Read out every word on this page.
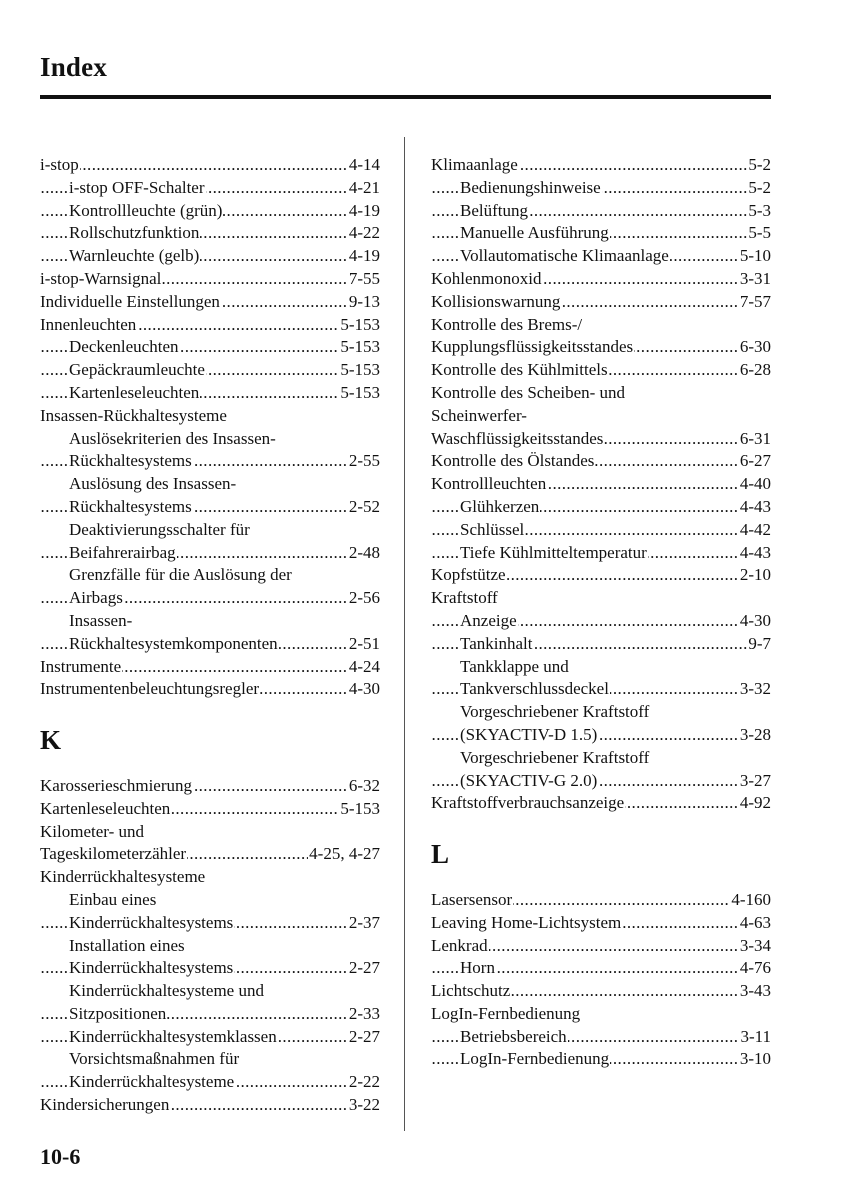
Index
..... i-stop	4-14
..... i-stop OFF-Schalter	4-21
..... Kontrollleuchte (grün)	4-19
..... Rollschutzfunktion	4-22
..... Warnleuchte (gelb)	4-19
..... i-stop-Warnsignal	7-55
..... Individuelle Einstellungen	9-13
..... Innenleuchten	5-153
..... Deckenleuchten	5-153
..... Gepäckraumleuchte	5-153
..... Kartenleseleuchten	5-153
Insassen-Rückhaltesysteme
Auslösekriterien des Insassen-
..... Rückhaltesystems	2-55
Auslösung des Insassen-
..... Rückhaltesystems	2-52
Deaktivierungsschalter für
..... Beifahrerairbag	2-48
Grenzfälle für die Auslösung der
..... Airbags	2-56
Insassen-
..... Rückhaltesystemkomponenten	2-51
..... Instrumente	4-24
..... Instrumentenbeleuchtungsregler	4-30
K
..... Karosserieschmierung	6-32
..... Kartenleseleuchten	5-153
Kilometer- und
..... Tageskilometerzähler	4-25, 4-27
Kinderrückhaltesysteme
Einbau eines
..... Kinderrückhaltesystems	2-37
Installation eines
..... Kinderrückhaltesystems	2-27
Kinderrückhaltesysteme und
..... Sitzpositionen	2-33
..... Kinderrückhaltesystemklassen	2-27
Vorsichtsmaßnahmen für
..... Kinderrückhaltesysteme	2-22
..... Kindersicherungen	3-22
..... Klimaanlage	5-2
..... Bedienungshinweise	5-2
..... Belüftung	5-3
..... Manuelle Ausführung	5-5
..... Vollautomatische Klimaanlage	5-10
..... Kohlenmonoxid	3-31
..... Kollisionswarnung	7-57
Kontrolle des Brems-/
..... Kupplungsflüssigkeitsstandes	6-30
..... Kontrolle des Kühlmittels	6-28
Kontrolle des Scheiben- und
Scheinwerfer-
..... Waschflüssigkeitsstandes	6-31
..... Kontrolle des Ölstandes	6-27
..... Kontrollleuchten	4-40
..... Glühkerzen	4-43
..... Schlüssel	4-42
..... Tiefe Kühlmitteltemperatur	4-43
..... Kopfstütze	2-10
Kraftstoff
..... Anzeige	4-30
..... Tankinhalt	9-7
Tankklappe und
..... Tankverschlussdeckel	3-32
Vorgeschriebener Kraftstoff
..... (SKYACTIV-D 1.5)	3-28
Vorgeschriebener Kraftstoff
..... (SKYACTIV-G 2.0)	3-27
..... Kraftstoffverbrauchsanzeige	4-92
L
..... Lasersensor	4-160
..... Leaving Home-Lichtsystem	4-63
..... Lenkrad	3-34
..... Horn	4-76
..... Lichtschutz	3-43
LogIn-Fernbedienung
..... Betriebsbereich	3-11
..... LogIn-Fernbedienung	3-10
10-6
